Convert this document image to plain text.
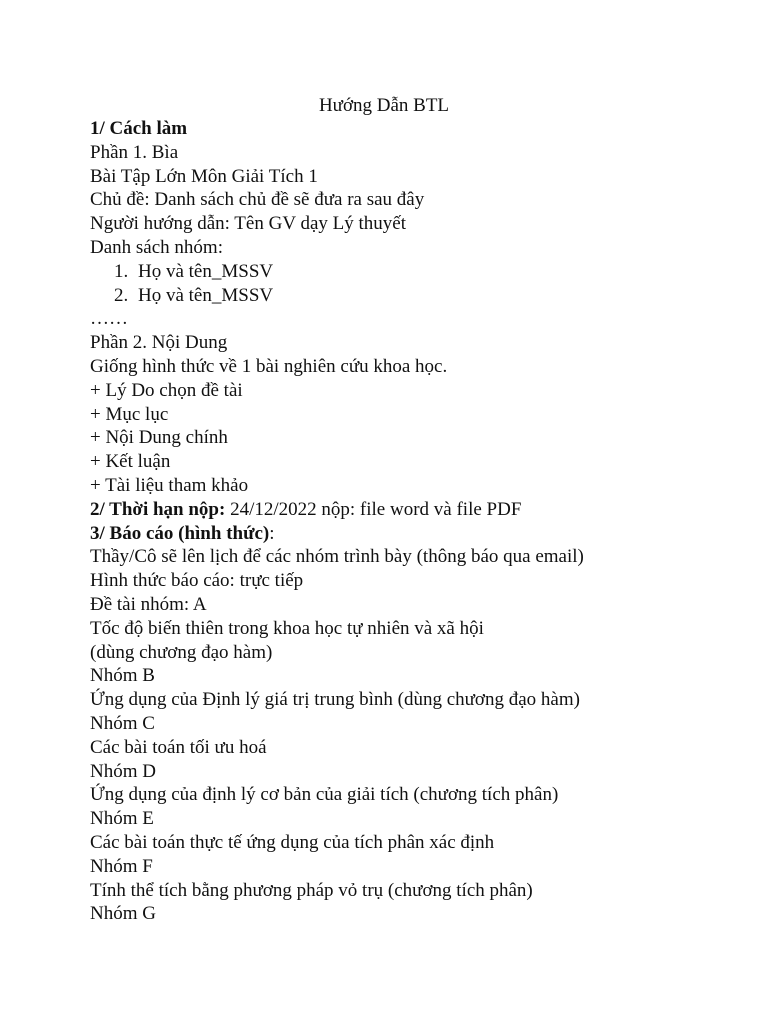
Hướng Dẫn BTL
1/ Cách làm
Phần 1. Bìa
Bài Tập Lớn Môn Giải Tích 1
Chủ đề: Danh sách chủ đề sẽ đưa ra sau đây
Người hướng dẫn: Tên GV dạy Lý thuyết
Danh sách nhóm:
1. Họ và tên_MSSV
2. Họ và tên_MSSV
……
Phần 2. Nội Dung
Giống hình thức về 1 bài nghiên cứu khoa học.
+ Lý Do chọn đề tài
+ Mục lục
+ Nội Dung chính
+ Kết luận
+ Tài liệu tham khảo
2/ Thời hạn nộp: 24/12/2022 nộp: file word và file PDF
3/ Báo cáo (hình thức):
Thầy/Cô sẽ lên lịch để các nhóm trình bày (thông báo qua email)
Hình thức báo cáo: trực tiếp
Đề tài nhóm: A
Tốc độ biến thiên trong khoa học tự nhiên và xã hội
(dùng chương đạo hàm)
Nhóm B
Ứng dụng của Định lý giá trị trung bình (dùng chương đạo hàm)
Nhóm C
Các bài toán tối ưu hoá
Nhóm D
Ứng dụng của định lý cơ bản của giải tích (chương tích phân)
Nhóm E
Các bài toán thực tế ứng dụng của tích phân xác định
Nhóm F
Tính thể tích bằng phương pháp vỏ trụ (chương tích phân)
Nhóm G
